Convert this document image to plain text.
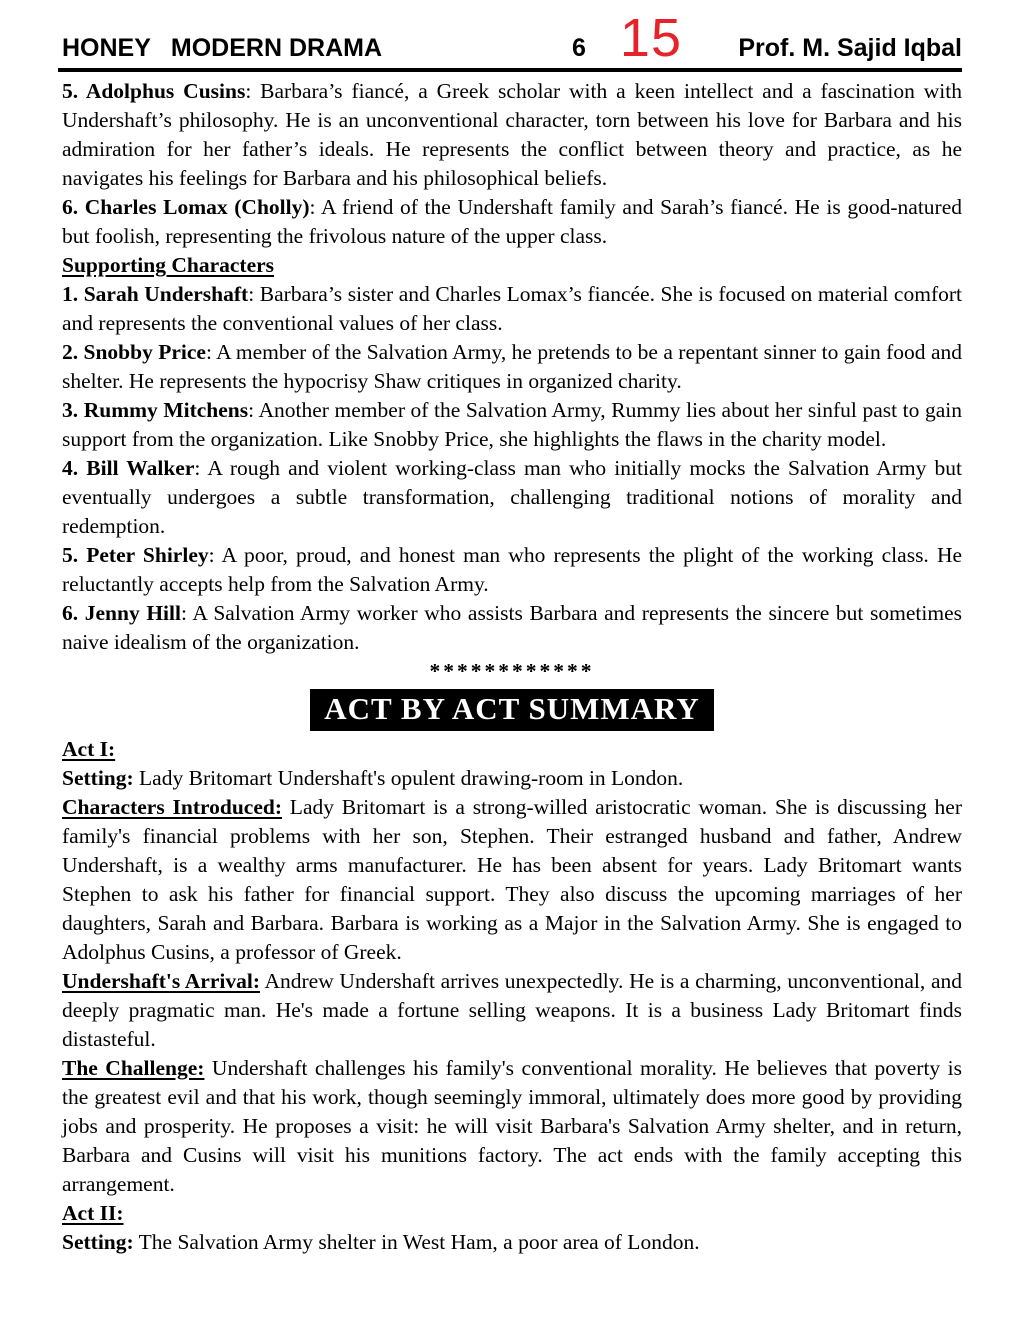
HONEY MODERN DRAMA	6 15 Prof. M. Sajid Iqbal

5. Adolphus Cusins: Barbara’s fiancé, a Greek scholar with a keen intellect and a fascination with Undershaft’s philosophy. He is an unconventional character, torn between his love for Barbara and his admiration for her father’s ideals. He represents the conflict between theory and practice, as he navigates his feelings for Barbara and his philosophical beliefs.

6. Charles Lomax (Cholly): A friend of the Undershaft family and Sarah’s fiancé. He is good-natured but foolish, representing the frivolous nature of the upper class.

Supporting Characters

1. Sarah Undershaft: Barbara’s sister and Charles Lomax’s fiancée. She is focused on material comfort and represents the conventional values of her class.

2. Snobby Price: A member of the Salvation Army, he pretends to be a repentant sinner to gain food and shelter. He represents the hypocrisy Shaw critiques in organized charity.

3. Rummy Mitchens: Another member of the Salvation Army, Rummy lies about her sinful past to gain support from the organization. Like Snobby Price, she highlights the flaws in the charity model.

4. Bill Walker: A rough and violent working-class man who initially mocks the Salvation Army but eventually undergoes a subtle transformation, challenging traditional notions of morality and redemption.

5. Peter Shirley: A poor, proud, and honest man who represents the plight of the working class. He reluctantly accepts help from the Salvation Army.

6. Jenny Hill: A Salvation Army worker who assists Barbara and represents the sincere but sometimes naive idealism of the organization.

************

ACT BY ACT SUMMARY

Act I:

Setting: Lady Britomart Undershaft's opulent drawing-room in London.

Characters Introduced: Lady Britomart is a strong-willed aristocratic woman. She is discussing her family's financial problems with her son, Stephen. Their estranged husband and father, Andrew Undershaft, is a wealthy arms manufacturer. He has been absent for years. Lady Britomart wants Stephen to ask his father for financial support. They also discuss the upcoming marriages of her daughters, Sarah and Barbara. Barbara is working as a Major in the Salvation Army. She is engaged to Adolphus Cusins, a professor of Greek.

Undershaft's Arrival: Andrew Undershaft arrives unexpectedly. He is a charming, unconventional, and deeply pragmatic man. He's made a fortune selling weapons. It is a business Lady Britomart finds distasteful.

The Challenge: Undershaft challenges his family's conventional morality. He believes that poverty is the greatest evil and that his work, though seemingly immoral, ultimately does more good by providing jobs and prosperity. He proposes a visit: he will visit Barbara's Salvation Army shelter, and in return, Barbara and Cusins will visit his munitions factory. The act ends with the family accepting this arrangement.

Act II:

Setting: The Salvation Army shelter in West Ham, a poor area of London.
